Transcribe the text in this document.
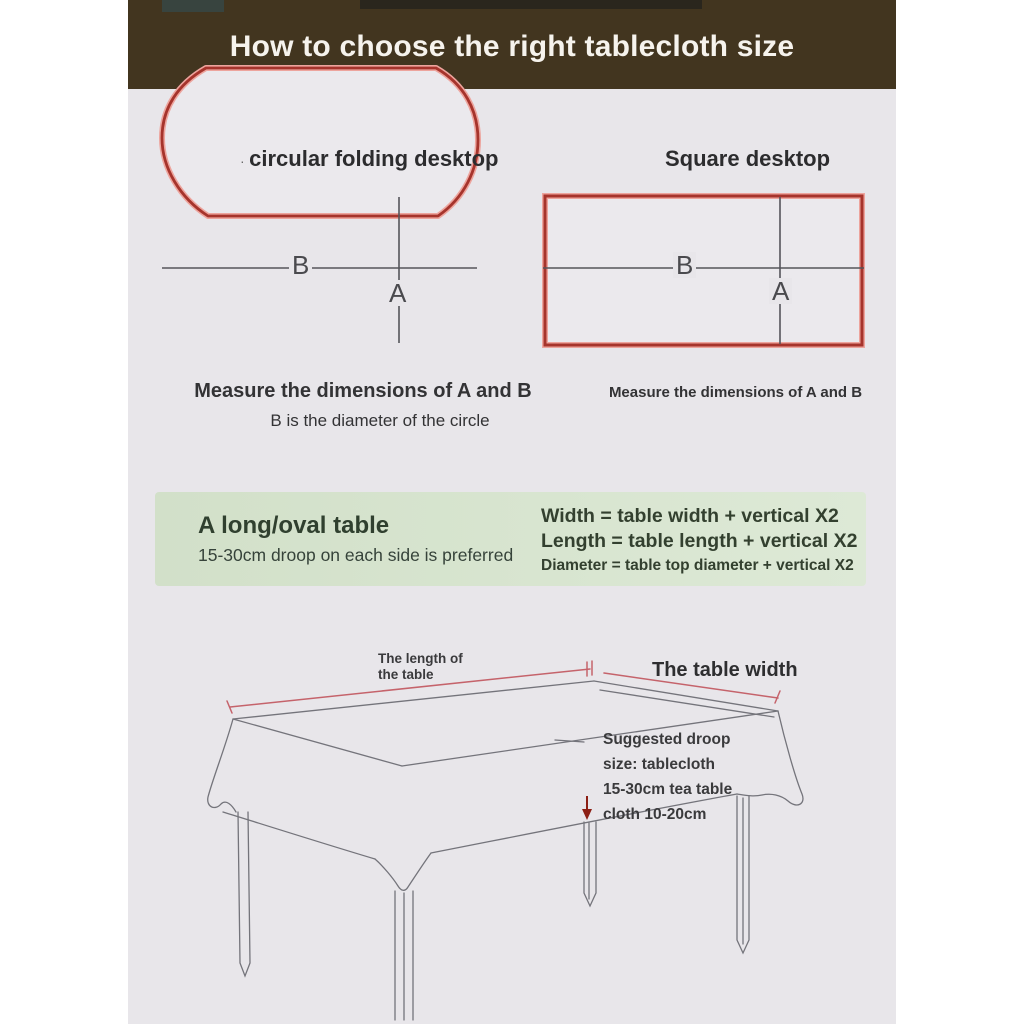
How to choose the right tablecloth size
· circular folding desktop	Square desktop
B
A
B
A
Measure the dimensions of A and B
B is the diameter of the circle
Measure the dimensions of A and B
A long/oval table
15-30cm droop on each side is preferred
Width = table width + vertical X2
Length = table length + vertical X2
Diameter = table top diameter + vertical X2
The length of
the table	The table width
Suggested droop
size: tablecloth
15-30cm tea table
cloth 10-20cm
